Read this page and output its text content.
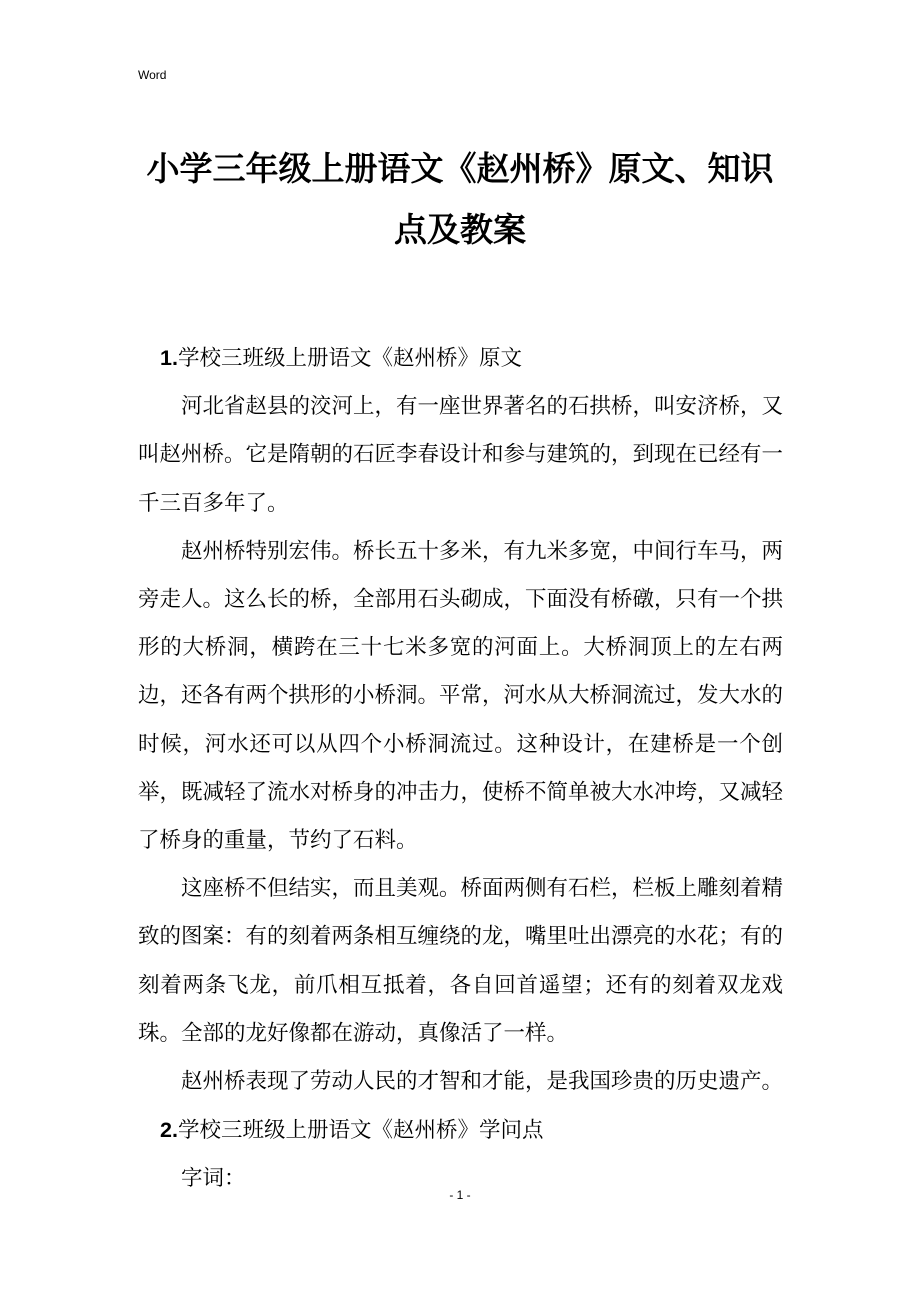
Word
小学三年级上册语文《赵州桥》原文、知识点及教案

1.学校三班级上册语文《赵州桥》原文

河北省赵县的洨河上，有一座世界著名的石拱桥，叫安济桥，又叫赵州桥。它是隋朝的石匠李春设计和参与建筑的，到现在已经有一千三百多年了。

赵州桥特别宏伟。桥长五十多米，有九米多宽，中间行车马，两旁走人。这么长的桥，全部用石头砌成，下面没有桥礅，只有一个拱形的大桥洞，横跨在三十七米多宽的河面上。大桥洞顶上的左右两边，还各有两个拱形的小桥洞。平常，河水从大桥洞流过，发大水的时候，河水还可以从四个小桥洞流过。这种设计，在建桥是一个创举，既减轻了流水对桥身的冲击力，使桥不简单被大水冲垮，又减轻了桥身的重量，节约了石料。

这座桥不但结实，而且美观。桥面两侧有石栏，栏板上雕刻着精致的图案：有的刻着两条相互缠绕的龙，嘴里吐出漂亮的水花；有的刻着两条飞龙，前爪相互抵着，各自回首遥望；还有的刻着双龙戏珠。全部的龙好像都在游动，真像活了一样。

赵州桥表现了劳动人民的才智和才能，是我国珍贵的历史遗产。

2.学校三班级上册语文《赵州桥》学问点

字词：

- 1 -
